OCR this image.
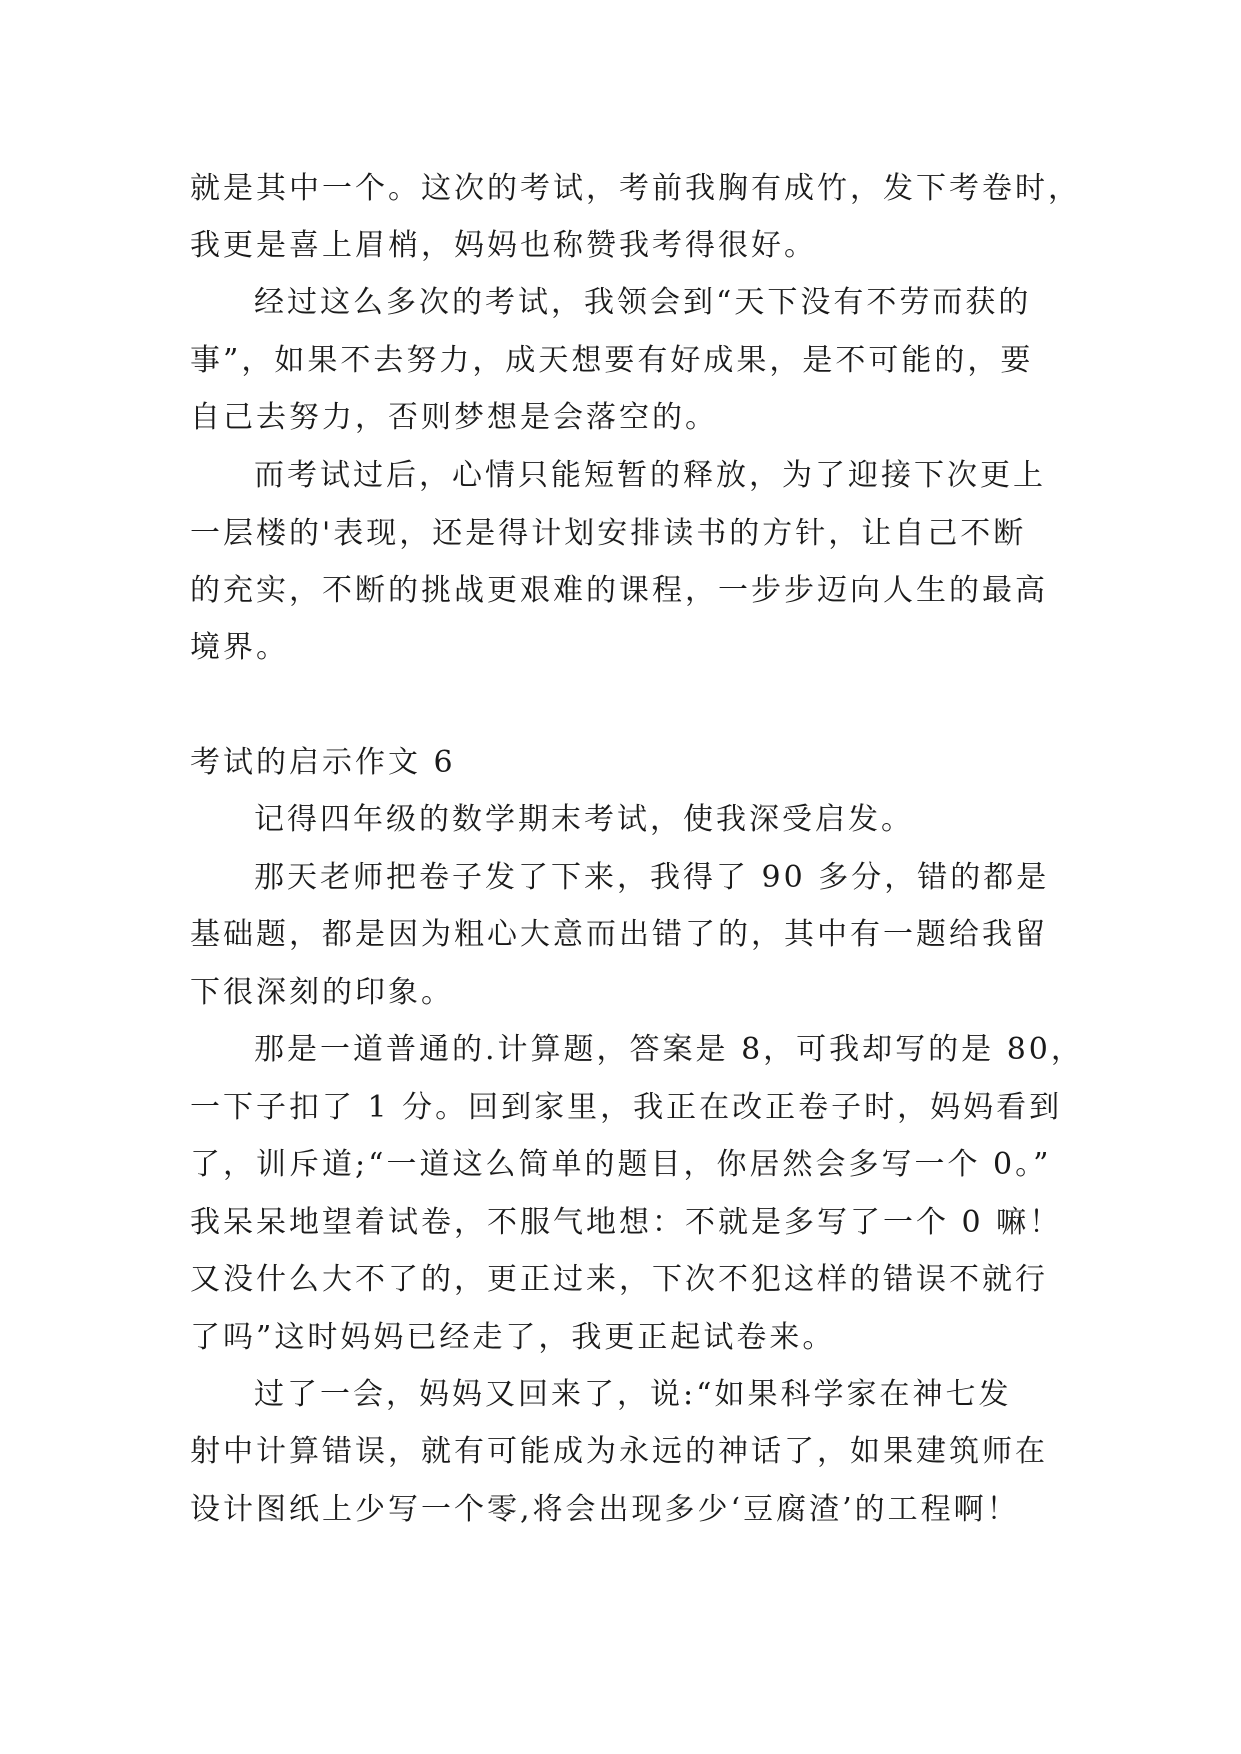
就是其中一个。这次的考试，考前我胸有成竹，发下考卷时，
我更是喜上眉梢，妈妈也称赞我考得很好。
经过这么多次的考试，我领会到“天下没有不劳而获的
事”，如果不去努力，成天想要有好成果，是不可能的，要
自己去努力，否则梦想是会落空的。
而考试过后，心情只能短暂的释放，为了迎接下次更上
一层楼的'表现，还是得计划安排读书的方针，让自己不断
的充实，不断的挑战更艰难的课程，一步步迈向人生的最高
境界。
考试的启示作文 6
记得四年级的数学期末考试，使我深受启发。
那天老师把卷子发了下来，我得了 90 多分，错的都是
基础题，都是因为粗心大意而出错了的，其中有一题给我留
下很深刻的印象。
那是一道普通的.计算题，答案是 8，可我却写的是 80，
一下子扣了 1 分。回到家里，我正在改正卷子时，妈妈看到
了，训斥道;“一道这么简单的题目，你居然会多写一个 0。”
我呆呆地望着试卷，不服气地想：不就是多写了一个 0 嘛！
又没什么大不了的，更正过来，下次不犯这样的错误不就行
了吗”这时妈妈已经走了，我更正起试卷来。
过了一会，妈妈又回来了，说:“如果科学家在神七发
射中计算错误，就有可能成为永远的神话了，如果建筑师在
设计图纸上少写一个零,将会出现多少‘豆腐渣’的工程啊！
